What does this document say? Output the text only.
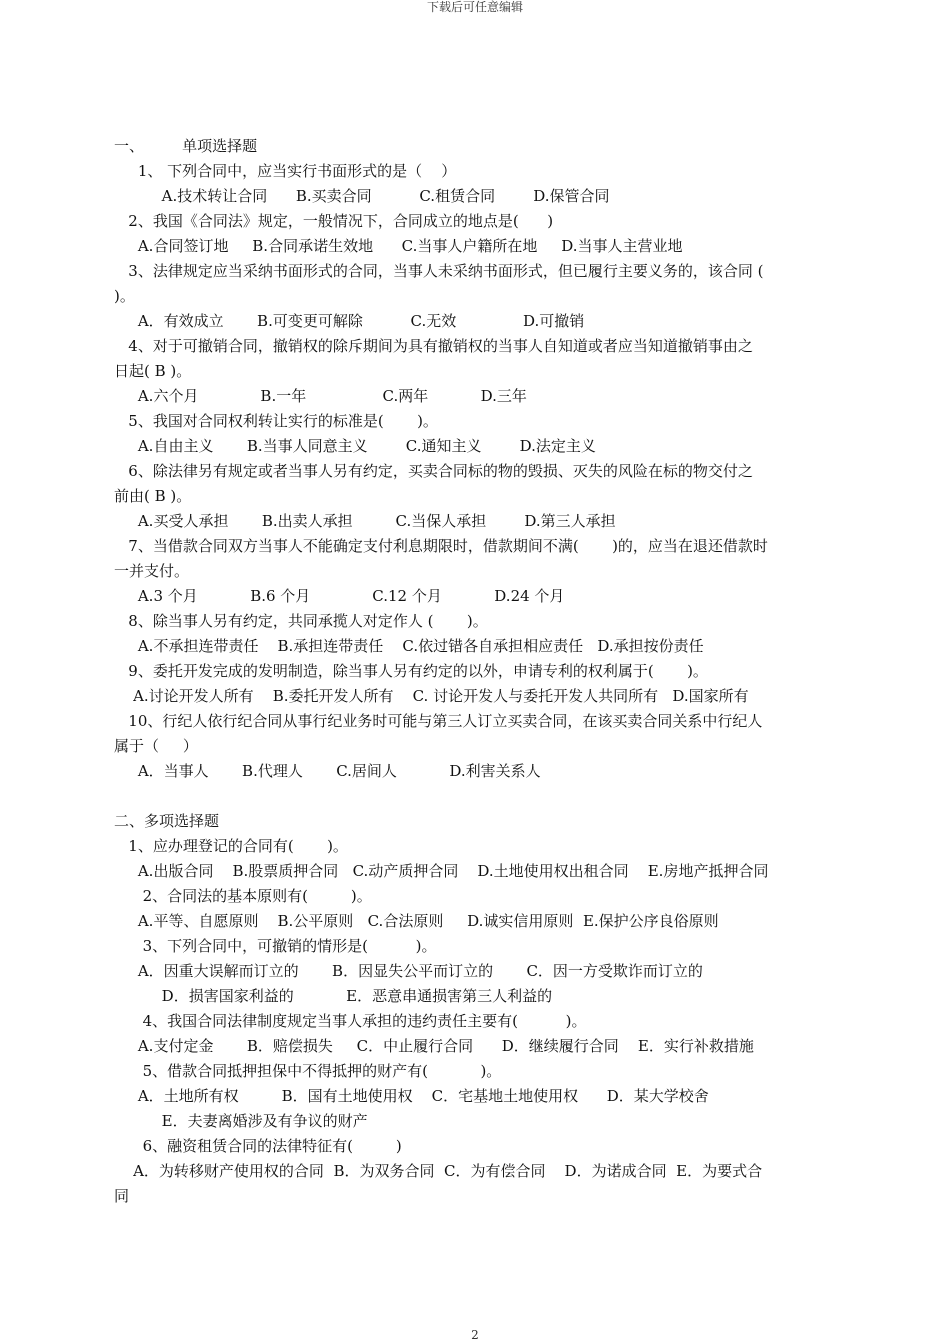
下载后可任意编辑

一、	单项选择题

1、 下列合同中，应当实行书面形式的是（    ）

A.技术转让合同      B.买卖合同          C.租赁合同        D.保管合同

2、我国《合同法》规定，一般情况下，合同成立的地点是(      )

A.合同签订地     B.合同承诺生效地      C.当事人户籍所在地     D.当事人主营业地

3、法律规定应当采纳书面形式的合同，当事人未采纳书面形式，但已履行主要义务的，该合同 (

)。

A．有效成立       B.可变更可解除          C.无效              D.可撤销

4、对于可撤销合同，撤销权的除斥期间为具有撤销权的当事人自知道或者应当知道撤销事由之

日起( B )。

A.六个月             B.一年                C.两年           D.三年

5、我国对合同权利转让实行的标准是(       )。

A.自由主义       B.当事人同意主义        C.通知主义        D.法定主义

6、除法律另有规定或者当事人另有约定，买卖合同标的物的毁损、灭失的风险在标的物交付之

前由( B )。

A.买受人承担       B.出卖人承担         C.当保人承担        D.第三人承担

7、当借款合同双方当事人不能确定支付利息期限时，借款期间不满(       )的，应当在退还借款时

一并支付。

A.3 个月           B.6 个月             C.12 个月           D.24 个月

8、除当事人另有约定，共同承揽人对定作人 (       )。

A.不承担连带责任    B.承担连带责任    C.依过错各自承担相应责任   D.承担按份责任

9、委托开发完成的发明制造，除当事人另有约定的以外，申请专利的权利属于(       )。

A.讨论开发人所有    B.委托开发人所有    C. 讨论开发人与委托开发人共同所有   D.国家所有

10、行纪人依行纪合同从事行纪业务时可能与第三人订立买卖合同，在该买卖合同关系中行纪人

属于（     ）

A．当事人       B.代理人       C.居间人           D.利害关系人

二、多项选择题

1、应办理登记的合同有(       )。

A.出版合同    B.股票质押合同   C.动产质押合同    D.土地使用权出租合同    E.房地产抵押合同

2、合同法的基本原则有(         )。

A.平等、自愿原则    B.公平原则   C.合法原则     D.诚实信用原则  E.保护公序良俗原则

3、下列合同中，可撤销的情形是(          )。

A．因重大误解而订立的       B．因显失公平而订立的       C．因一方受欺诈而订立的

D．损害国家利益的           E．恶意串通损害第三人利益的

4、我国合同法律制度规定当事人承担的违约责任主要有(          )。

A.支付定金       B．赔偿损失     C．中止履行合同      D．继续履行合同    E．实行补救措施

5、借款合同抵押担保中不得抵押的财产有(           )。

A．土地所有权         B．国有土地使用权    C．宅基地土地使用权      D．某大学校舍

E．夫妻离婚涉及有争议的财产

6、融资租赁合同的法律特征有(         )

A．为转移财产使用权的合同  B．为双务合同  C．为有偿合同    D．为诺成合同  E．为要式合

同

2
